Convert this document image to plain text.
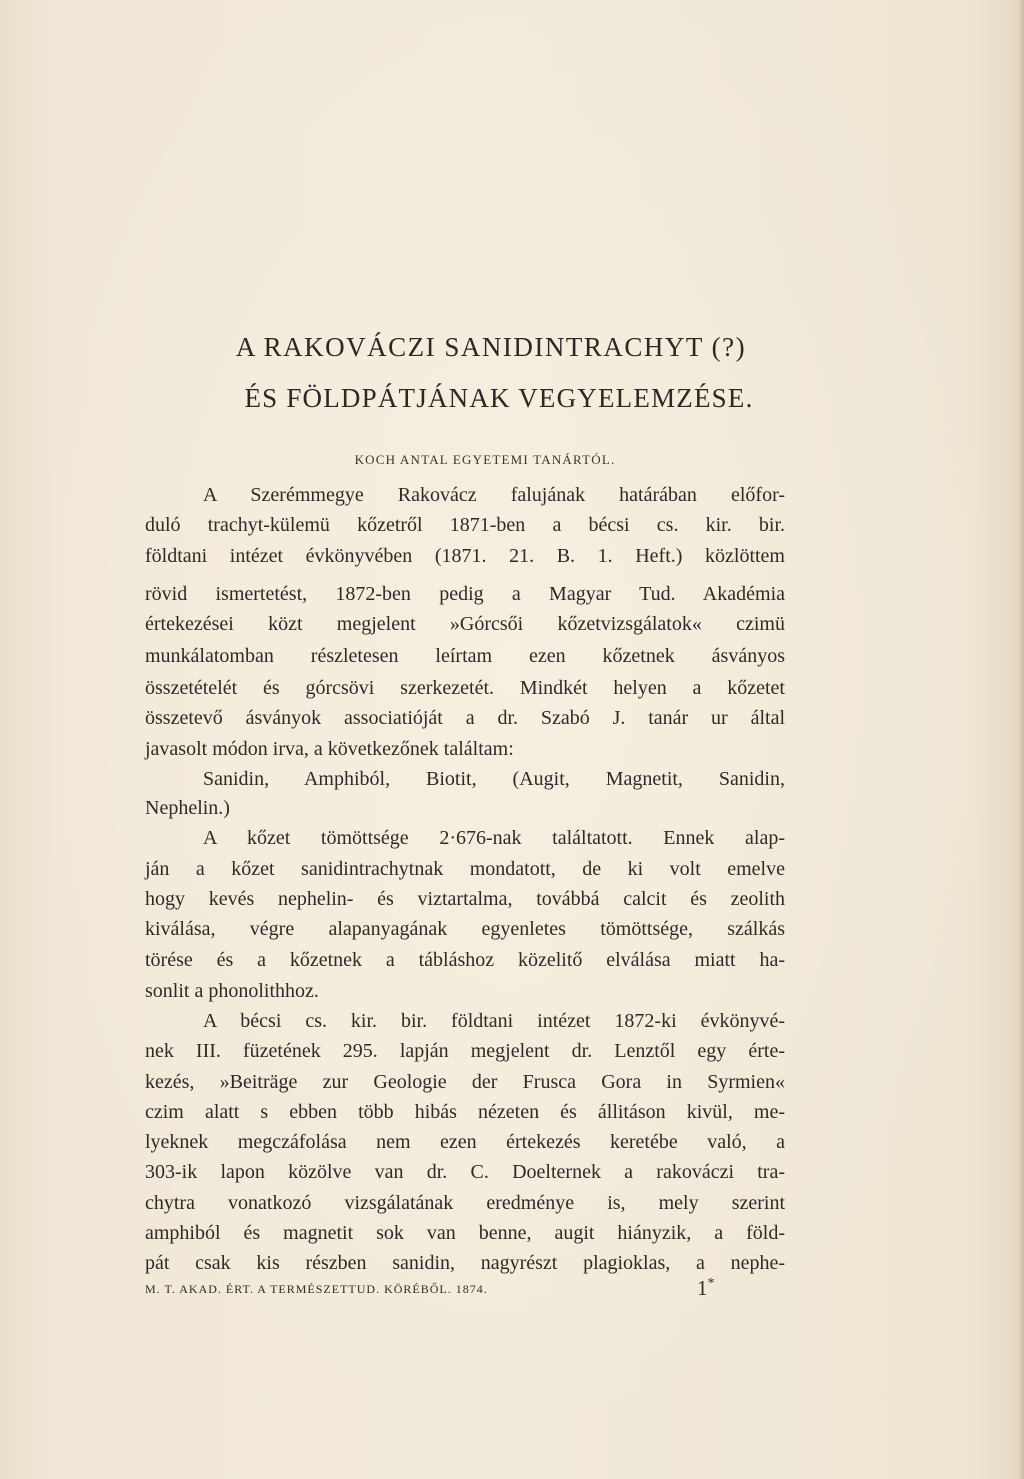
A RAKOVÁCZI SANIDINTRACHYT (?)
ÉS FÖLDPÁTJÁNAK VEGYELEMZÉSE.
KOCH ANTAL EGYETEMI TANÁRTÓL.
A Szerémmegye Rakovácz falujának határában előfor-
duló trachyt-külemü kőzetről 1871-ben a bécsi cs. kir. bir.
földtani intézet évkönyvében (1871. 21. B. 1. Heft.) közlöttem
rövid ismertetést, 1872-ben pedig a Magyar Tud. Akadémia
értekezései közt megjelent »Górcsői kőzetvizsgálatok« czimü
munkálatomban részletesen leírtam ezen kőzetnek ásványos
összetételét és górcsövi szerkezetét. Mindkét helyen a kőzetet
összetevő ásványok associatióját a dr. Szabó J. tanár ur által
javasolt módon irva, a következőnek találtam:
Sanidin, Amphiból, Biotit, (Augit, Magnetit, Sanidin,
Nephelin.)
A kőzet tömöttsége 2·676-nak találtatott. Ennek alap-
ján a kőzet sanidintrachytnak mondatott, de ki volt emelve
hogy kevés nephelin- és viztartalma, továbbá calcit és zeolith
kiválása, végre alapanyagának egyenletes tömöttsége, szálkás
törése és a kőzetnek a tábláshoz közelitő elválása miatt ha-
sonlit a phonolithhoz.
A bécsi cs. kir. bir. földtani intézet 1872-ki évkönyvé-
nek III. füzetének 295. lapján megjelent dr. Lenztől egy érte-
kezés, »Beiträge zur Geologie der Frusca Gora in Syrmien«
czim alatt s ebben több hibás nézeten és állitáson kivül, me-
lyeknek megczáfolása nem ezen értekezés keretébe való, a
303-ik lapon közölve van dr. C. Doelternek a rakováczi tra-
chytra vonatkozó vizsgálatának eredménye is, mely szerint
amphiból és magnetit sok van benne, augit hiányzik, a föld-
pát csak kis részben sanidin, nagyrészt plagioklas, a nephe-
M. T. AKAD. ÉRT. A TERMÉSZETTUD. KÖRÉBŐL. 1874.	1*
